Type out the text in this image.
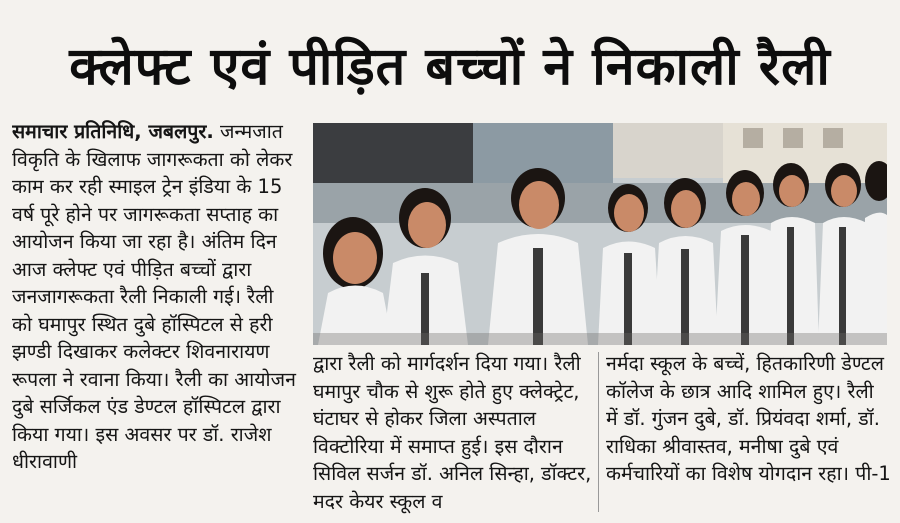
क्लेफ्ट एवं पीड़ित बच्चों ने निकाली रैली

समाचार प्रतिनिधि, जबलपुर. जन्मजात विकृति के खिलाफ जागरूकता को लेकर काम कर रही स्माइल ट्रेन इंडिया के 15 वर्ष पूरे होने पर जागरूकता सप्ताह का आयोजन किया जा रहा है। अंतिम दिन आज क्लेफ्ट एवं पीड़ित बच्चों द्वारा जनजागरूकता रैली निकाली गई। रैली को घमापुर स्थित दुबे हॉस्पिटल से हरी झण्डी दिखाकर कलेक्टर शिवनारायण रूपला ने रवाना किया। रैली का आयोजन दुबे सर्जिकल एंड डेण्टल हॉस्पिटल द्वारा किया गया। इस अवसर पर डॉ. राजेश धीरावाणी

द्वारा रैली को मार्गदर्शन दिया गया। रैली घमापुर चौक से शुरू होते हुए क्लेक्ट्रेट, घंटाघर से होकर जिला अस्पताल विक्टोरिया में समाप्त हुई। इस दौरान सिविल सर्जन डॉ. अनिल सिन्हा, डॉक्टर, मदर केयर स्कूल व

नर्मदा स्कूल के बच्चें, हितकारिणी डेण्टल कॉलेज के छात्र आदि शामिल हुए। रैली में डॉ. गुंजन दुबे, डॉ. प्रियंवदा शर्मा, डॉ. राधिका श्रीवास्तव, मनीषा दुबे एवं कर्मचारियों का विशेष योगदान रहा। पी-1
